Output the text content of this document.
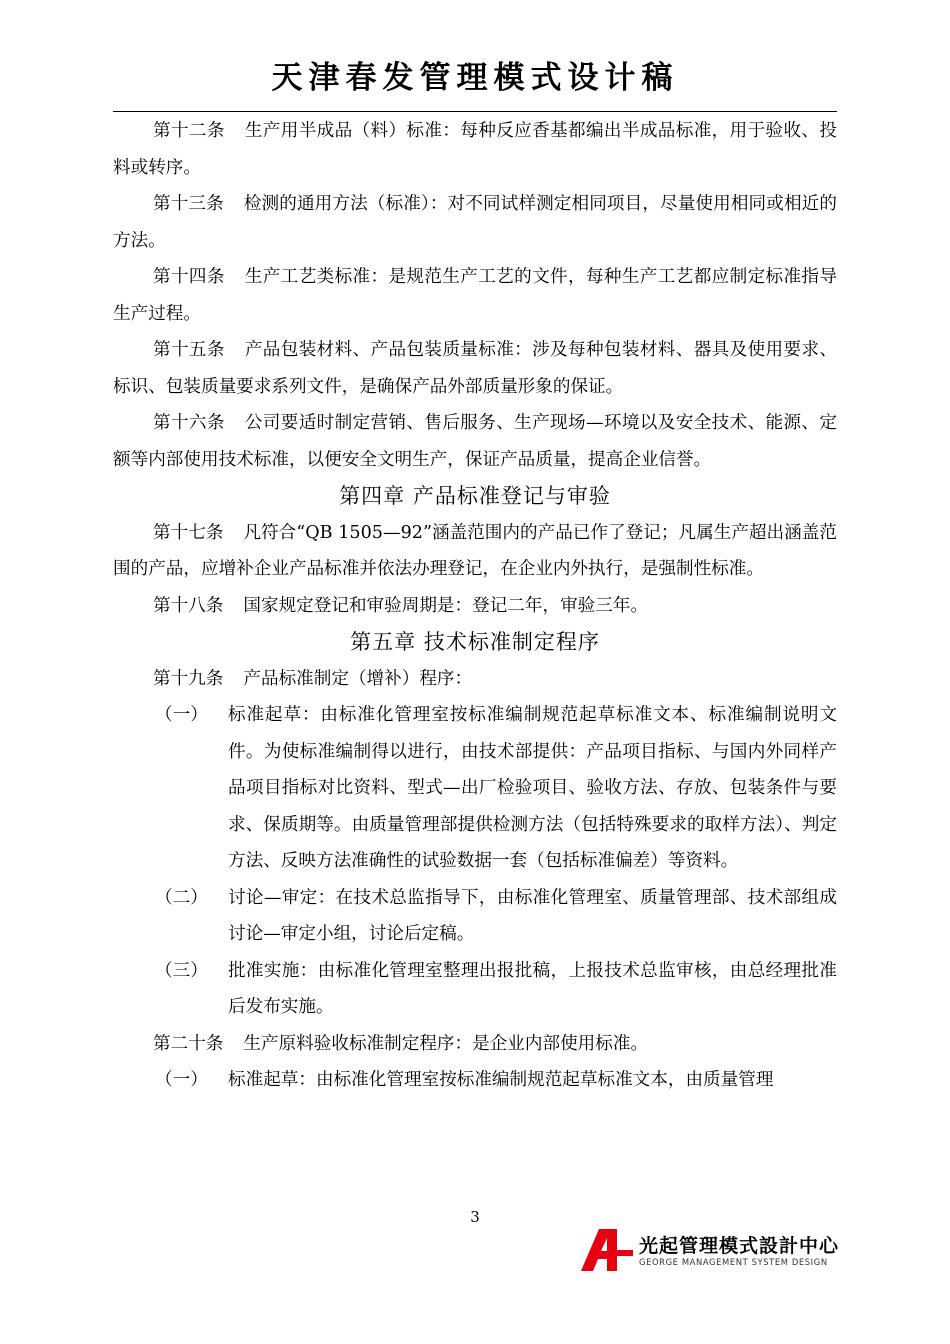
天津春发管理模式设计稿

第十二条 生产用半成品（料）标准：每种反应香基都编出半成品标准，用于验收、投料或转序。

第十三条 检测的通用方法（标准）：对不同试样测定相同项目，尽量使用相同或相近的方法。

第十四条 生产工艺类标准：是规范生产工艺的文件，每种生产工艺都应制定标准指导生产过程。

第十五条 产品包装材料、产品包装质量标准：涉及每种包装材料、器具及使用要求、标识、包装质量要求系列文件，是确保产品外部质量形象的保证。

第十六条 公司要适时制定营销、售后服务、生产现场—环境以及安全技术、能源、定额等内部使用技术标准，以便安全文明生产，保证产品质量，提高企业信誉。

第四章 产品标准登记与审验

第十七条 凡符合“QB 1505—92”涵盖范围内的产品已作了登记；凡属生产超出涵盖范围的产品，应增补企业产品标准并依法办理登记，在企业内外执行，是强制性标准。

第十八条 国家规定登记和审验周期是：登记二年，审验三年。

第五章 技术标准制定程序

第十九条 产品标准制定（增补）程序：

（一） 标准起草：由标准化管理室按标准编制规范起草标准文本、标准编制说明文件。为使标准编制得以进行，由技术部提供：产品项目指标、与国内外同样产品项目指标对比资料、型式—出厂检验项目、验收方法、存放、包装条件与要求、保质期等。由质量管理部提供检测方法（包括特殊要求的取样方法）、判定方法、反映方法准确性的试验数据一套（包括标准偏差）等资料。
（二） 讨论—审定：在技术总监指导下，由标准化管理室、质量管理部、技术部组成讨论—审定小组，讨论后定稿。
（三） 批准实施：由标准化管理室整理出报批稿，上报技术总监审核，由总经理批准后发布实施。

第二十条 生产原料验收标准制定程序：是企业内部使用标准。

（一） 标准起草：由标准化管理室按标准编制规范起草标准文本，由质量管理
3
光起管理模式設計中心
GEORGE MANAGEMENT SYSTEM DESIGN
